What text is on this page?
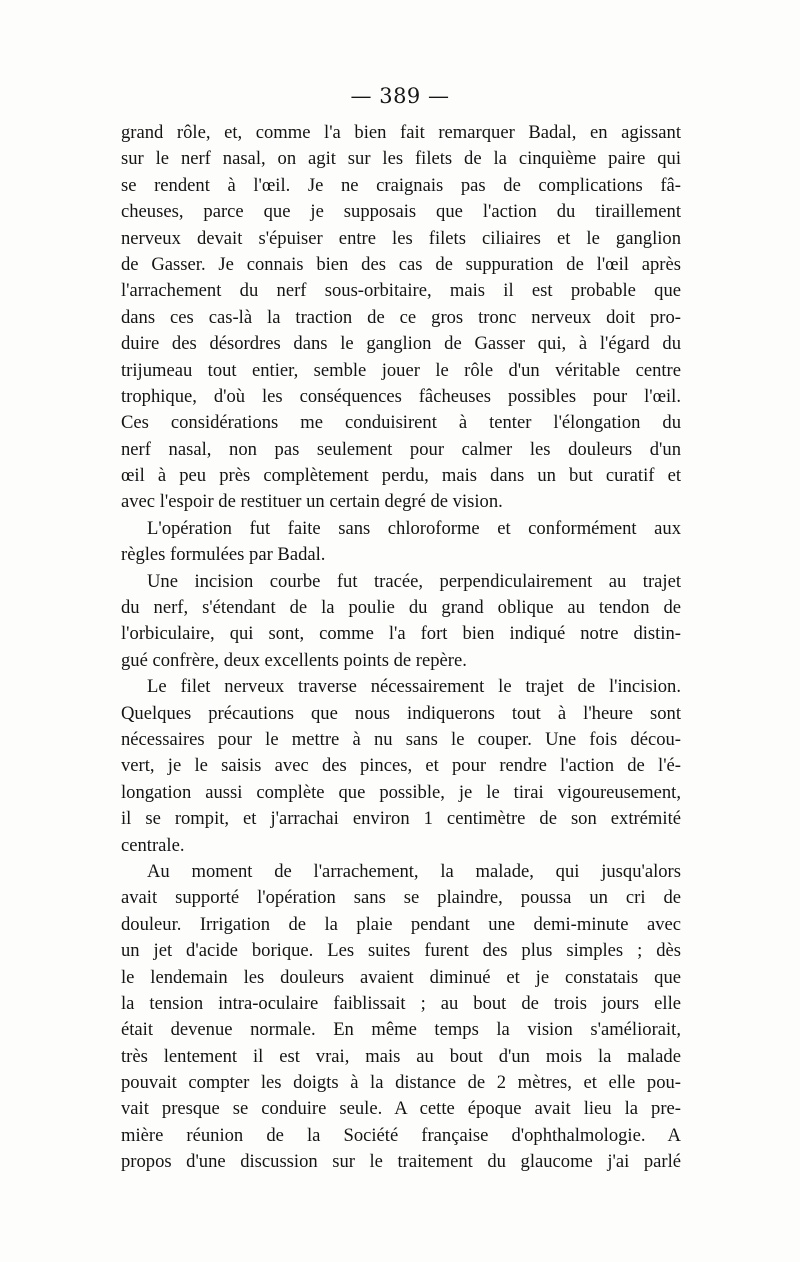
— 389 —
grand rôle, et, comme l'a bien fait remarquer Badal, en agissant
sur le nerf nasal, on agit sur les filets de la cinquième paire qui
se rendent à l'œil. Je ne craignais pas de complications fâ-
cheuses, parce que je supposais que l'action du tiraillement
nerveux devait s'épuiser entre les filets ciliaires et le ganglion
de Gasser. Je connais bien des cas de suppuration de l'œil après
l'arrachement du nerf sous-orbitaire, mais il est probable que
dans ces cas-là la traction de ce gros tronc nerveux doit pro-
duire des désordres dans le ganglion de Gasser qui, à l'égard du
trijumeau tout entier, semble jouer le rôle d'un véritable centre
trophique, d'où les conséquences fâcheuses possibles pour l'œil.
Ces considérations me conduisirent à tenter l'élongation du
nerf nasal, non pas seulement pour calmer les douleurs d'un
œil à peu près complètement perdu, mais dans un but curatif et
avec l'espoir de restituer un certain degré de vision.
L'opération fut faite sans chloroforme et conformément aux
règles formulées par Badal.
Une incision courbe fut tracée, perpendiculairement au trajet
du nerf, s'étendant de la poulie du grand oblique au tendon de
l'orbiculaire, qui sont, comme l'a fort bien indiqué notre distin-
gué confrère, deux excellents points de repère.
Le filet nerveux traverse nécessairement le trajet de l'incision.
Quelques précautions que nous indiquerons tout à l'heure sont
nécessaires pour le mettre à nu sans le couper. Une fois décou-
vert, je le saisis avec des pinces, et pour rendre l'action de l'é-
longation aussi complète que possible, je le tirai vigoureusement,
il se rompit, et j'arrachai environ 1 centimètre de son extrémité
centrale.
Au moment de l'arrachement, la malade, qui jusqu'alors
avait supporté l'opération sans se plaindre, poussa un cri de
douleur. Irrigation de la plaie pendant une demi-minute avec
un jet d'acide borique. Les suites furent des plus simples ; dès
le lendemain les douleurs avaient diminué et je constatais que
la tension intra-oculaire faiblissait ; au bout de trois jours elle
était devenue normale. En même temps la vision s'améliorait,
très lentement il est vrai, mais au bout d'un mois la malade
pouvait compter les doigts à la distance de 2 mètres, et elle pou-
vait presque se conduire seule. A cette époque avait lieu la pre-
mière réunion de la Société française d'ophthalmologie. A
propos d'une discussion sur le traitement du glaucome j'ai parlé
